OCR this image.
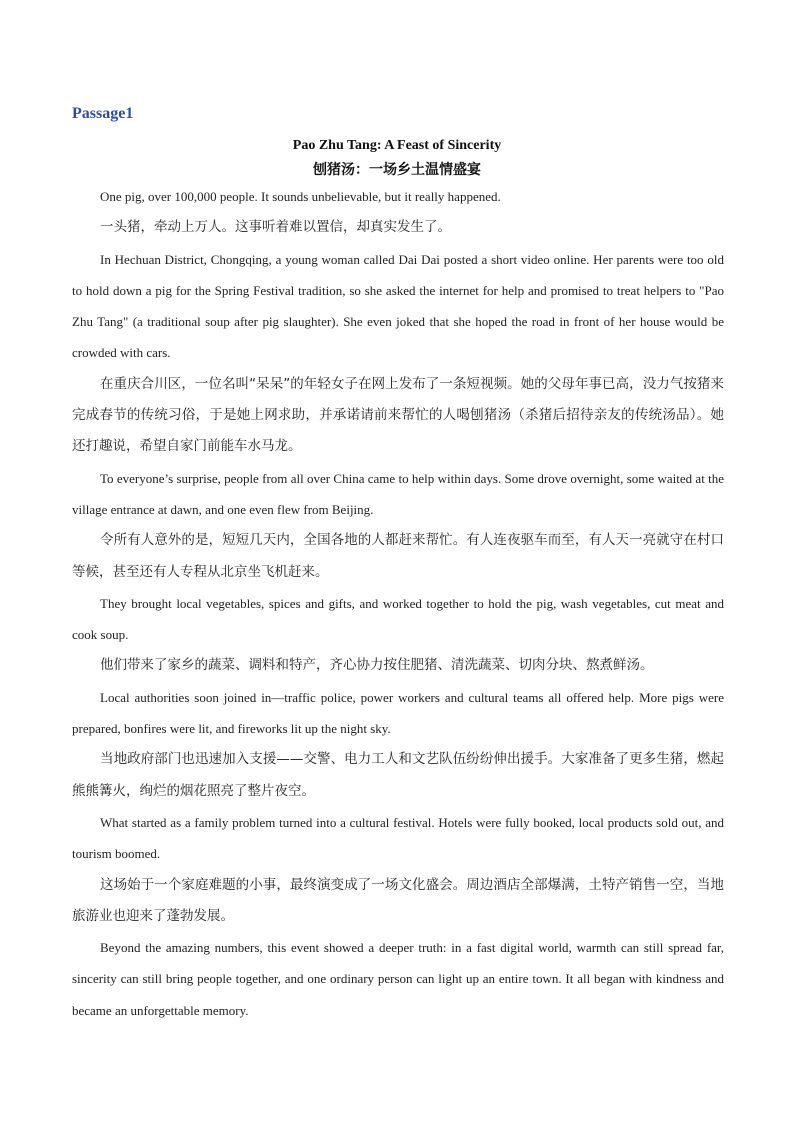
Passage1
Pao Zhu Tang: A Feast of Sincerity
刨猪汤：一场乡土温情盛宴

One pig, over 100,000 people. It sounds unbelievable, but it really happened.

一头猪，牵动上万人。这事听着难以置信，却真实发生了。

In Hechuan District, Chongqing, a young woman called Dai Dai posted a short video online. Her parents were too old to hold down a pig for the Spring Festival tradition, so she asked the internet for help and promised to treat helpers to "Pao Zhu Tang" (a traditional soup after pig slaughter). She even joked that she hoped the road in front of her house would be crowded with cars.

在重庆合川区，一位名叫“呆呆”的年轻女子在网上发布了一条短视频。她的父母年事已高，没力气按猪来完成春节的传统习俗，于是她上网求助，并承诺请前来帮忙的人喝刨猪汤（杀猪后招待亲友的传统汤品）。她还打趣说，希望自家门前能车水马龙。

To everyone’s surprise, people from all over China came to help within days. Some drove overnight, some waited at the village entrance at dawn, and one even flew from Beijing.

令所有人意外的是，短短几天内，全国各地的人都赶来帮忙。有人连夜驱车而至，有人天一亮就守在村口等候，甚至还有人专程从北京坐飞机赶来。

They brought local vegetables, spices and gifts, and worked together to hold the pig, wash vegetables, cut meat and cook soup.

他们带来了家乡的蔬菜、调料和特产，齐心协力按住肥猪、清洗蔬菜、切肉分块、熬煮鲜汤。

Local authorities soon joined in—traffic police, power workers and cultural teams all offered help. More pigs were prepared, bonfires were lit, and fireworks lit up the night sky.

当地政府部门也迅速加入支援——交警、电力工人和文艺队伍纷纷伸出援手。大家准备了更多生猪，燃起熊熊篝火，绚烂的烟花照亮了整片夜空。

What started as a family problem turned into a cultural festival. Hotels were fully booked, local products sold out, and tourism boomed.

这场始于一个家庭难题的小事，最终演变成了一场文化盛会。周边酒店全部爆满，土特产销售一空，当地旅游业也迎来了蓬勃发展。

Beyond the amazing numbers, this event showed a deeper truth: in a fast digital world, warmth can still spread far, sincerity can still bring people together, and one ordinary person can light up an entire town. It all began with kindness and became an unforgettable memory.
